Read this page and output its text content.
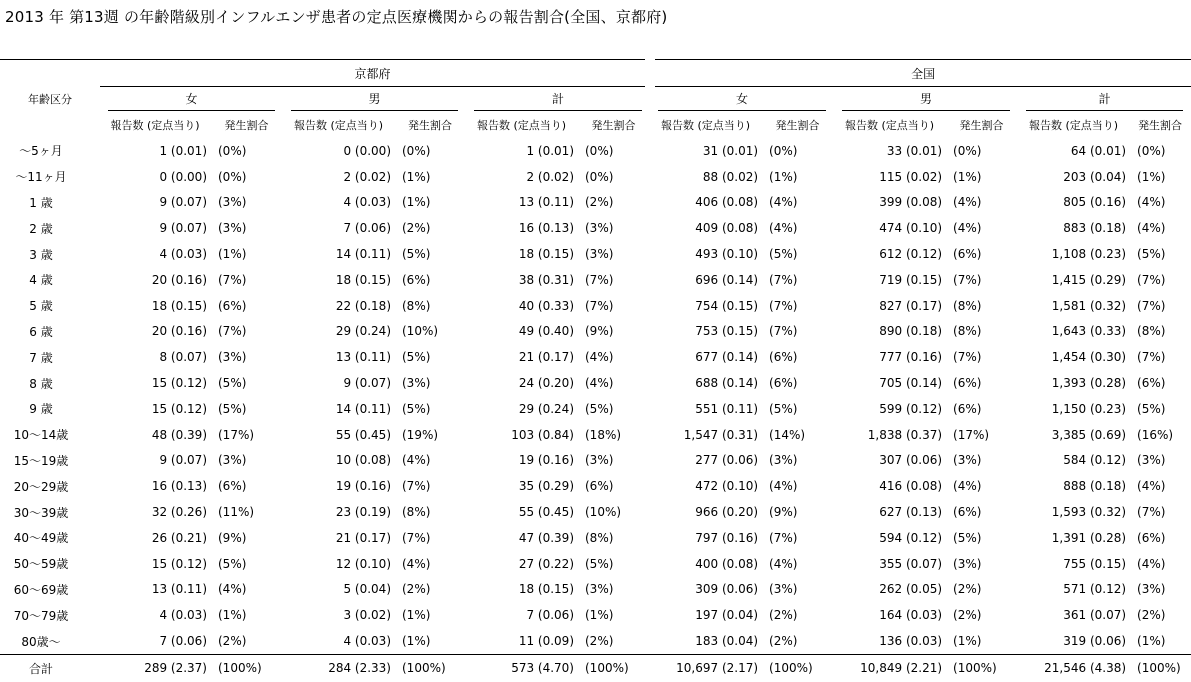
2013 年 第13週 の年齢階級別インフルエンザ患者の定点医療機関からの報告割合(全国、京都府)
年齢区分	京都府						全国					

	女		男		計		女		男		計	

	報告数 (定点当り)	発生割合	報告数 (定点当り)	発生割合	報告数 (定点当り)	発生割合	報告数 (定点当り)	発生割合	報告数 (定点当り)	発生割合	報告数 (定点当り)	発生割合
～5ヶ月	1 (0.01)	(0%)	0 (0.00)	(0%)	1 (0.01)	(0%)	31 (0.01)	(0%)	33 (0.01)	(0%)	64 (0.01)	(0%)
～11ヶ月	0 (0.00)	(0%)	2 (0.02)	(1%)	2 (0.02)	(0%)	88 (0.02)	(1%)	115 (0.02)	(1%)	203 (0.04)	(1%)
1 歳	9 (0.07)	(3%)	4 (0.03)	(1%)	13 (0.11)	(2%)	406 (0.08)	(4%)	399 (0.08)	(4%)	805 (0.16)	(4%)
2 歳	9 (0.07)	(3%)	7 (0.06)	(2%)	16 (0.13)	(3%)	409 (0.08)	(4%)	474 (0.10)	(4%)	883 (0.18)	(4%)
3 歳	4 (0.03)	(1%)	14 (0.11)	(5%)	18 (0.15)	(3%)	493 (0.10)	(5%)	612 (0.12)	(6%)	1,108 (0.23)	(5%)
4 歳	20 (0.16)	(7%)	18 (0.15)	(6%)	38 (0.31)	(7%)	696 (0.14)	(7%)	719 (0.15)	(7%)	1,415 (0.29)	(7%)
5 歳	18 (0.15)	(6%)	22 (0.18)	(8%)	40 (0.33)	(7%)	754 (0.15)	(7%)	827 (0.17)	(8%)	1,581 (0.32)	(7%)
6 歳	20 (0.16)	(7%)	29 (0.24)	(10%)	49 (0.40)	(9%)	753 (0.15)	(7%)	890 (0.18)	(8%)	1,643 (0.33)	(8%)
7 歳	8 (0.07)	(3%)	13 (0.11)	(5%)	21 (0.17)	(4%)	677 (0.14)	(6%)	777 (0.16)	(7%)	1,454 (0.30)	(7%)
8 歳	15 (0.12)	(5%)	9 (0.07)	(3%)	24 (0.20)	(4%)	688 (0.14)	(6%)	705 (0.14)	(6%)	1,393 (0.28)	(6%)
9 歳	15 (0.12)	(5%)	14 (0.11)	(5%)	29 (0.24)	(5%)	551 (0.11)	(5%)	599 (0.12)	(6%)	1,150 (0.23)	(5%)
10～14歳	48 (0.39)	(17%)	55 (0.45)	(19%)	103 (0.84)	(18%)	1,547 (0.31)	(14%)	1,838 (0.37)	(17%)	3,385 (0.69)	(16%)
15～19歳	9 (0.07)	(3%)	10 (0.08)	(4%)	19 (0.16)	(3%)	277 (0.06)	(3%)	307 (0.06)	(3%)	584 (0.12)	(3%)
20～29歳	16 (0.13)	(6%)	19 (0.16)	(7%)	35 (0.29)	(6%)	472 (0.10)	(4%)	416 (0.08)	(4%)	888 (0.18)	(4%)
30～39歳	32 (0.26)	(11%)	23 (0.19)	(8%)	55 (0.45)	(10%)	966 (0.20)	(9%)	627 (0.13)	(6%)	1,593 (0.32)	(7%)
40～49歳	26 (0.21)	(9%)	21 (0.17)	(7%)	47 (0.39)	(8%)	797 (0.16)	(7%)	594 (0.12)	(5%)	1,391 (0.28)	(6%)
50～59歳	15 (0.12)	(5%)	12 (0.10)	(4%)	27 (0.22)	(5%)	400 (0.08)	(4%)	355 (0.07)	(3%)	755 (0.15)	(4%)
60～69歳	13 (0.11)	(4%)	5 (0.04)	(2%)	18 (0.15)	(3%)	309 (0.06)	(3%)	262 (0.05)	(2%)	571 (0.12)	(3%)
70～79歳	4 (0.03)	(1%)	3 (0.02)	(1%)	7 (0.06)	(1%)	197 (0.04)	(2%)	164 (0.03)	(2%)	361 (0.07)	(2%)
80歳～	7 (0.06)	(2%)	4 (0.03)	(1%)	11 (0.09)	(2%)	183 (0.04)	(2%)	136 (0.03)	(1%)	319 (0.06)	(1%)
合計	289 (2.37)	(100%)	284 (2.33)	(100%)	573 (4.70)	(100%)	10,697 (2.17)	(100%)	10,849 (2.21)	(100%)	21,546 (4.38)	(100%)
